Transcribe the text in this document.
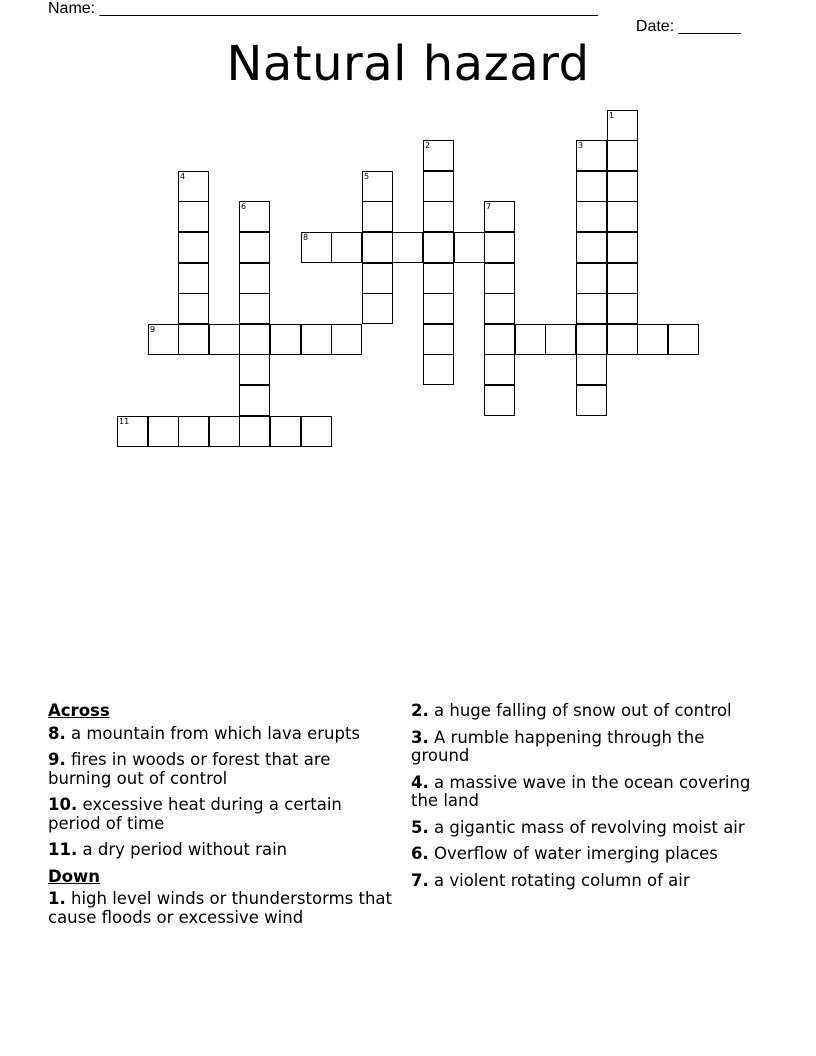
Name: ________________________________________________________

Date: _______

Natural hazard
1
2	3
4	5
6	7
8
9
11
Across
8. a mountain from which lava erupts
9. fires in woods or forest that are burning out of control
10. excessive heat during a certain period of time
11. a dry period without rain
Down
1. high level winds or thunderstorms that cause floods or excessive wind
2. a huge falling of snow out of control
3. A rumble happening through the ground
4. a massive wave in the ocean covering the land
5. a gigantic mass of revolving moist air
6. Overflow of water imerging places
7. a violent rotating column of air
